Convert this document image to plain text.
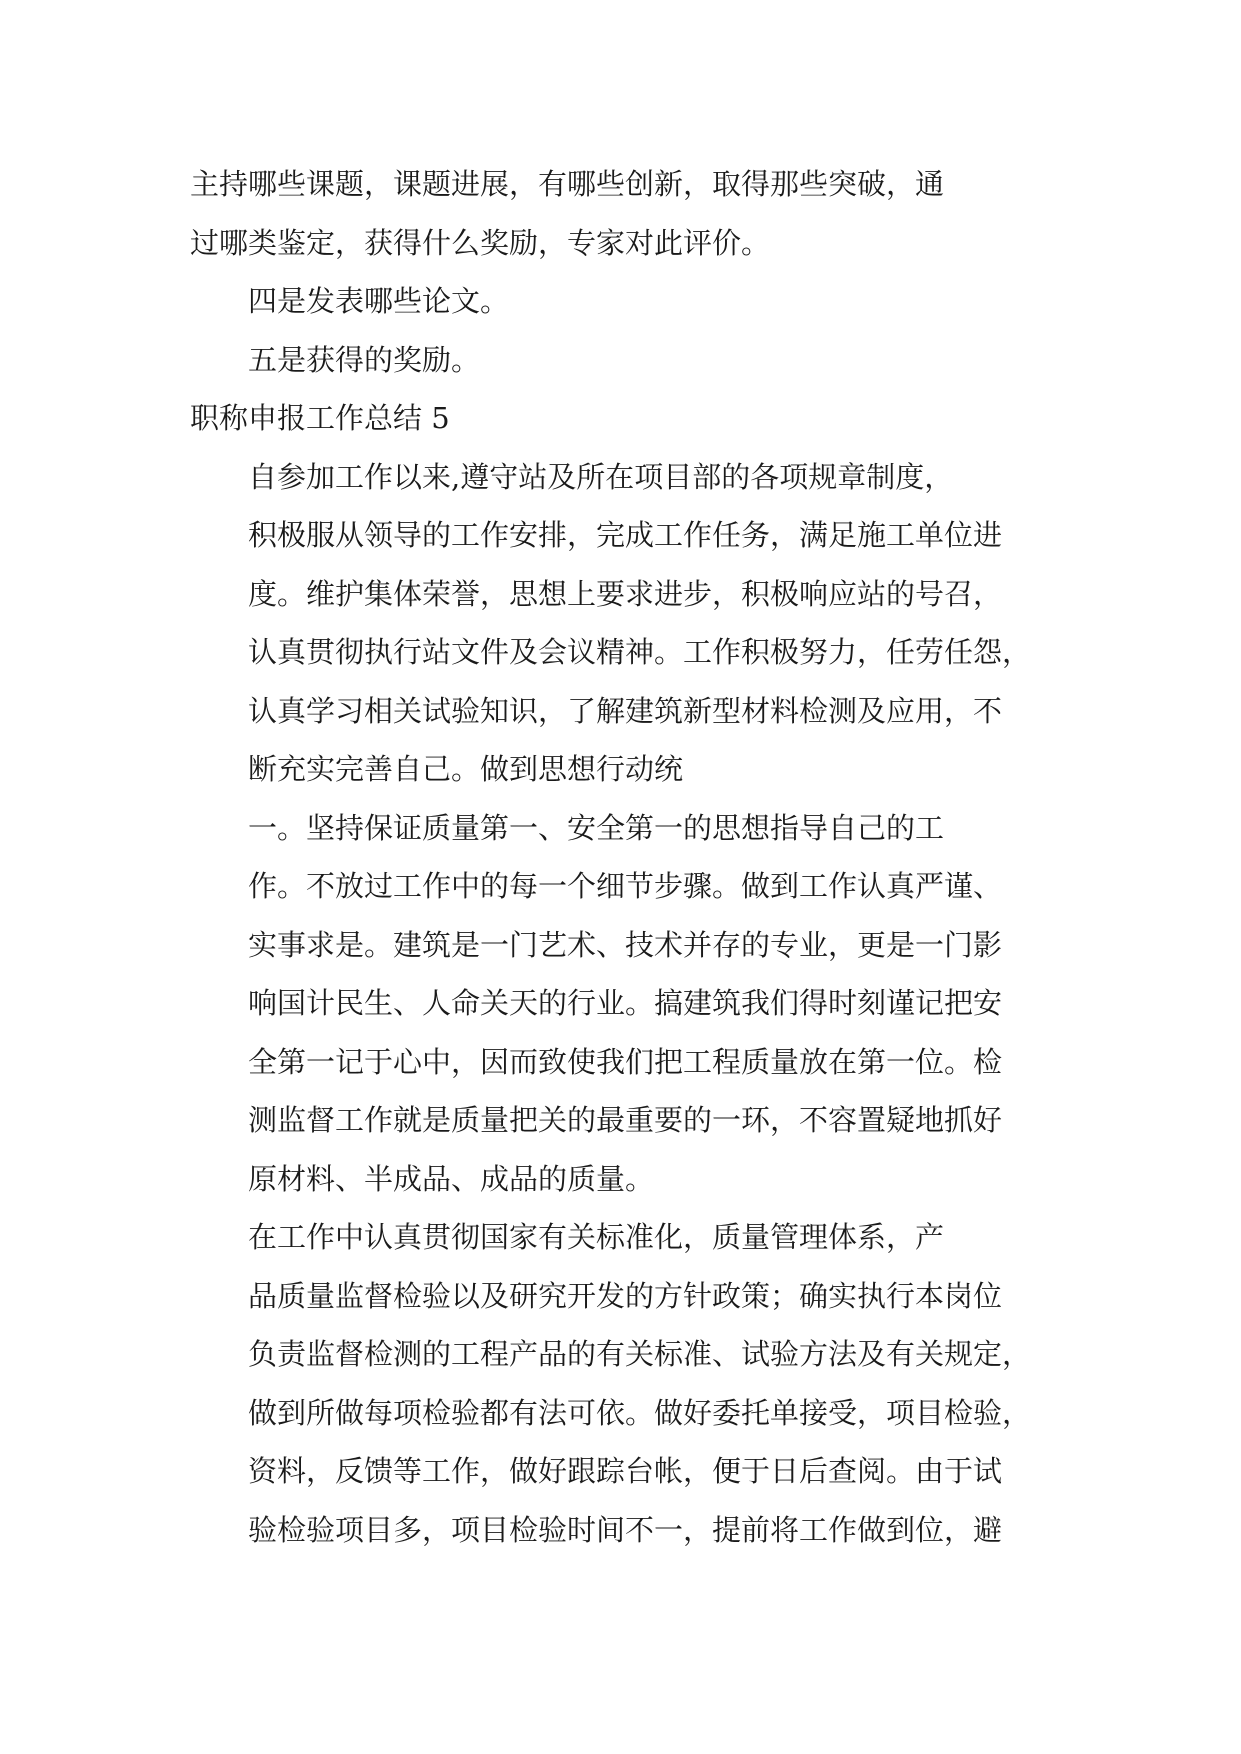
主持哪些课题，课题进展，有哪些创新，取得那些突破，通
过哪类鉴定，获得什么奖励，专家对此评价。
四是发表哪些论文。
五是获得的奖励。
职称申报工作总结 5
自参加工作以来,遵守站及所在项目部的各项规章制度，
积极服从领导的工作安排，完成工作任务，满足施工单位进
度。维护集体荣誉，思想上要求进步，积极响应站的号召，
认真贯彻执行站文件及会议精神。工作积极努力，任劳任怨，
认真学习相关试验知识，了解建筑新型材料检测及应用，不
断充实完善自己。做到思想行动统
一。坚持保证质量第一、安全第一的思想指导自己的工
作。不放过工作中的每一个细节步骤。做到工作认真严谨、
实事求是。建筑是一门艺术、技术并存的专业，更是一门影
响国计民生、人命关天的行业。搞建筑我们得时刻谨记把安
全第一记于心中，因而致使我们把工程质量放在第一位。检
测监督工作就是质量把关的最重要的一环，不容置疑地抓好
原材料、半成品、成品的质量。
在工作中认真贯彻国家有关标准化，质量管理体系，产
品质量监督检验以及研究开发的方针政策；确实执行本岗位
负责监督检测的工程产品的有关标准、试验方法及有关规定，
做到所做每项检验都有法可依。做好委托单接受，项目检验，
资料，反馈等工作，做好跟踪台帐，便于日后查阅。由于试
验检验项目多，项目检验时间不一，提前将工作做到位，避
